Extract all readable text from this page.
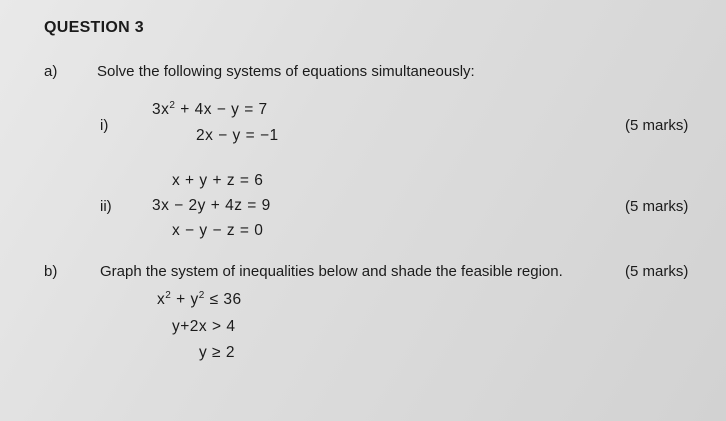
QUESTION 3
a)	Solve the following systems of equations simultaneously:
i)
$3x^2 + 4x - y = 7$
2x − y = −1
(5 marks)
x + y + z = 6
ii)	3x − 2y + 4z = 9	(5 marks)
x − y − z = 0
b)	Graph the system of inequalities below and shade the feasible region.	(5 marks)
$x^2 + y^2 \le 36$
y+2x > 4
y ≥ 2
